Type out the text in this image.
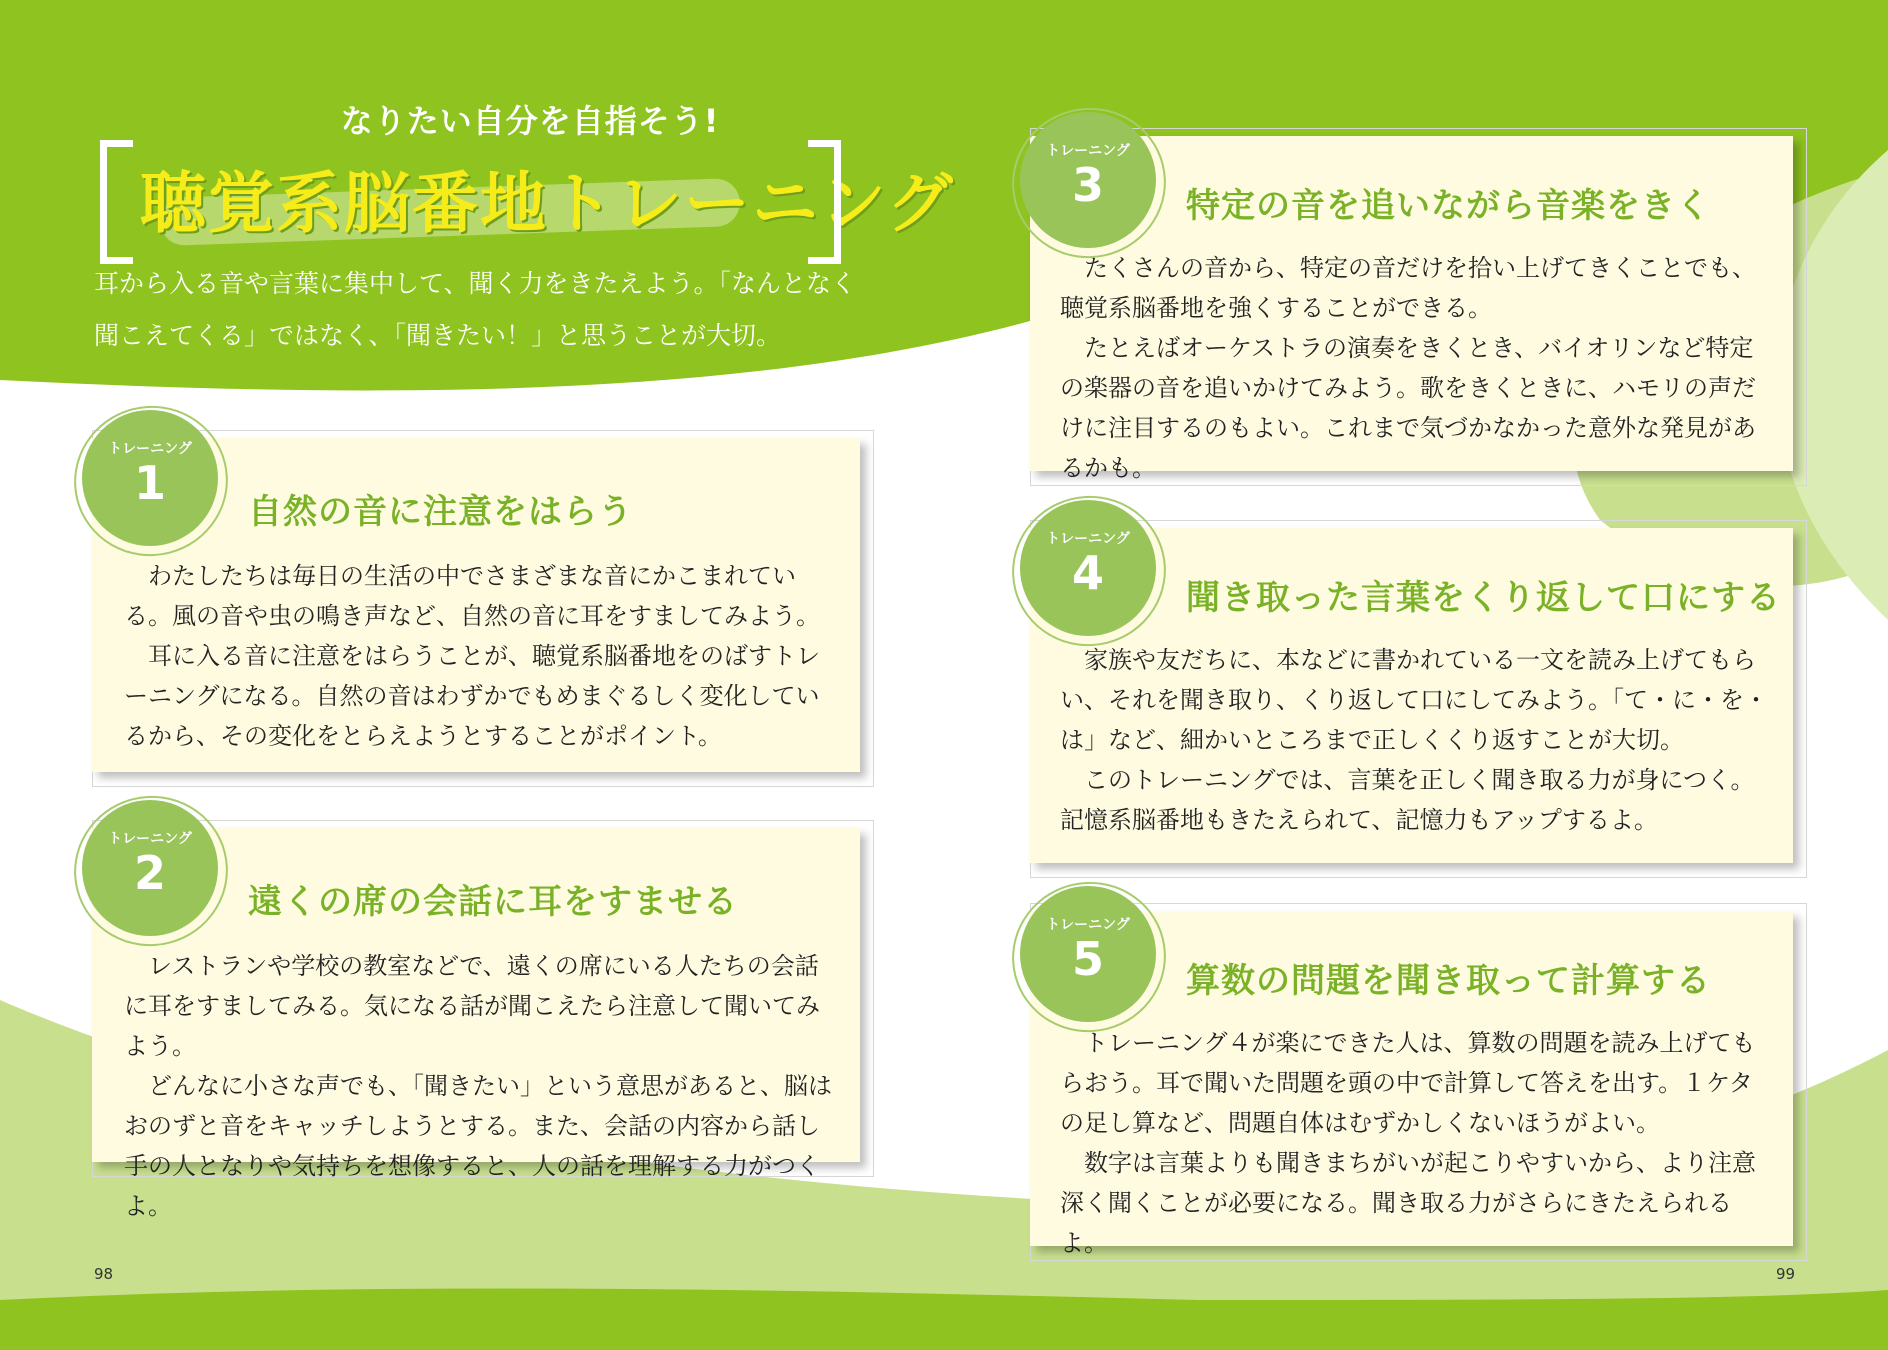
なりたい自分を自指そう!
聴覚系脳番地トレーニング
耳から入る音や言葉に集中して、聞く力をきたえよう。「なんとなく聞こえてくる」ではなく、「聞きたい！」と思うことが大切。
自然の音に注意をはらう

わたしたちは毎日の生活の中でさまざまな音にかこまれている。風の音や虫の鳴き声など、自然の音に耳をすましてみよう。

耳に入る音に注意をはらうことが、聴覚系脳番地をのばすトレーニングになる。自然の音はわずかでもめまぐるしく変化しているから、その変化をとらえようとすることがポイント。

トレーニング
1
遠くの席の会話に耳をすませる

レストランや学校の教室などで、遠くの席にいる人たちの会話に耳をすましてみる。気になる話が聞こえたら注意して聞いてみよう。

どんなに小さな声でも、「聞きたい」という意思があると、脳はおのずと音をキャッチしようとする。また、会話の内容から話し手の人となりや気持ちを想像すると、人の話を理解する力がつくよ。

トレーニング
2
特定の音を追いながら音楽をきく

たくさんの音から、特定の音だけを拾い上げてきくことでも、聴覚系脳番地を強くすることができる。

たとえばオーケストラの演奏をきくとき、バイオリンなど特定の楽器の音を追いかけてみよう。歌をきくときに、ハモリの声だけに注目するのもよい。これまで気づかなかった意外な発見があるかも。

トレーニング
3
聞き取った言葉をくり返して口にする

家族や友だちに、本などに書かれている一文を読み上げてもらい、それを聞き取り、くり返して口にしてみよう。「て・に・を・は」など、細かいところまで正しくくり返すことが大切。

このトレーニングでは、言葉を正しく聞き取る力が身につく。記憶系脳番地もきたえられて、記憶力もアップするよ。

トレーニング
4
算数の問題を聞き取って計算する

トレーニング４が楽にできた人は、算数の問題を読み上げてもらおう。耳で聞いた問題を頭の中で計算して答えを出す。１ケタの足し算など、問題自体はむずかしくないほうがよい。

数字は言葉よりも聞きまちがいが起こりやすいから、より注意深く聞くことが必要になる。聞き取る力がさらにきたえられるよ。

トレーニング
5
98	99
